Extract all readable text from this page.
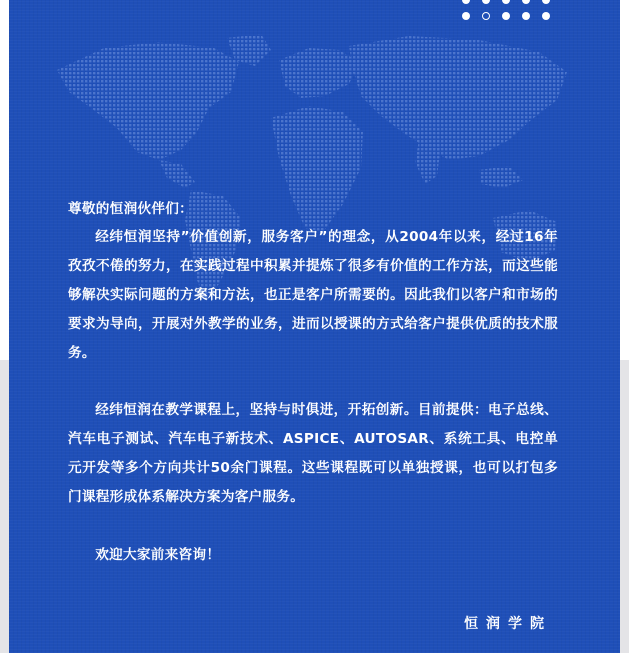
尊敬的恒润伙伴们：
经纬恒润坚持”价值创新，服务客户”的理念，从2004年以来，经过16年孜孜不倦的努力，在实践过程中积累并提炼了很多有价值的工作方法，而这些能够解决实际问题的方案和方法，也正是客户所需要的。因此我们以客户和市场的要求为导向，开展对外教学的业务，进而以授课的方式给客户提供优质的技术服务。
经纬恒润在教学课程上，坚持与时俱进，开拓创新。目前提供：电子总线、汽车电子测试、汽车电子新技术、ASPICE、AUTOSAR、系统工具、电控单元开发等多个方向共计50余门课程。这些课程既可以单独授课，也可以打包多门课程形成体系解决方案为客户服务。
欢迎大家前来咨询！
恒润学院
